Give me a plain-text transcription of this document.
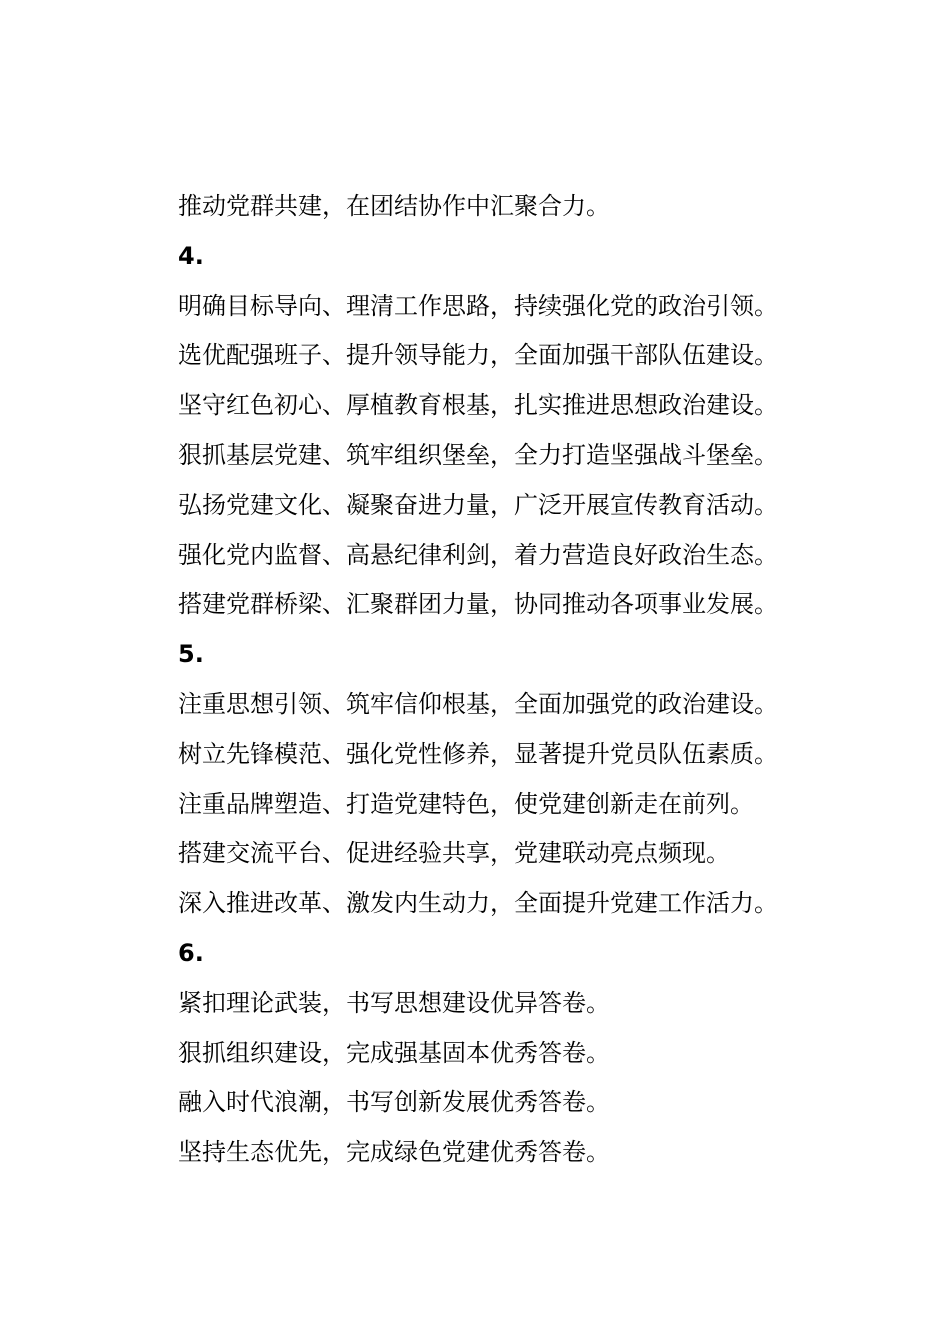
推动党群共建，在团结协作中汇聚合力。
4.
明确目标导向、理清工作思路，持续强化党的政治引领。
选优配强班子、提升领导能力，全面加强干部队伍建设。
坚守红色初心、厚植教育根基，扎实推进思想政治建设。
狠抓基层党建、筑牢组织堡垒，全力打造坚强战斗堡垒。
弘扬党建文化、凝聚奋进力量，广泛开展宣传教育活动。
强化党内监督、高悬纪律利剑，着力营造良好政治生态。
搭建党群桥梁、汇聚群团力量，协同推动各项事业发展。
5.
注重思想引领、筑牢信仰根基，全面加强党的政治建设。
树立先锋模范、强化党性修养，显著提升党员队伍素质。
注重品牌塑造、打造党建特色，使党建创新走在前列。
搭建交流平台、促进经验共享，党建联动亮点频现。
深入推进改革、激发内生动力，全面提升党建工作活力。
6.
紧扣理论武装，书写思想建设优异答卷。
狠抓组织建设，完成强基固本优秀答卷。
融入时代浪潮，书写创新发展优秀答卷。
坚持生态优先，完成绿色党建优秀答卷。
